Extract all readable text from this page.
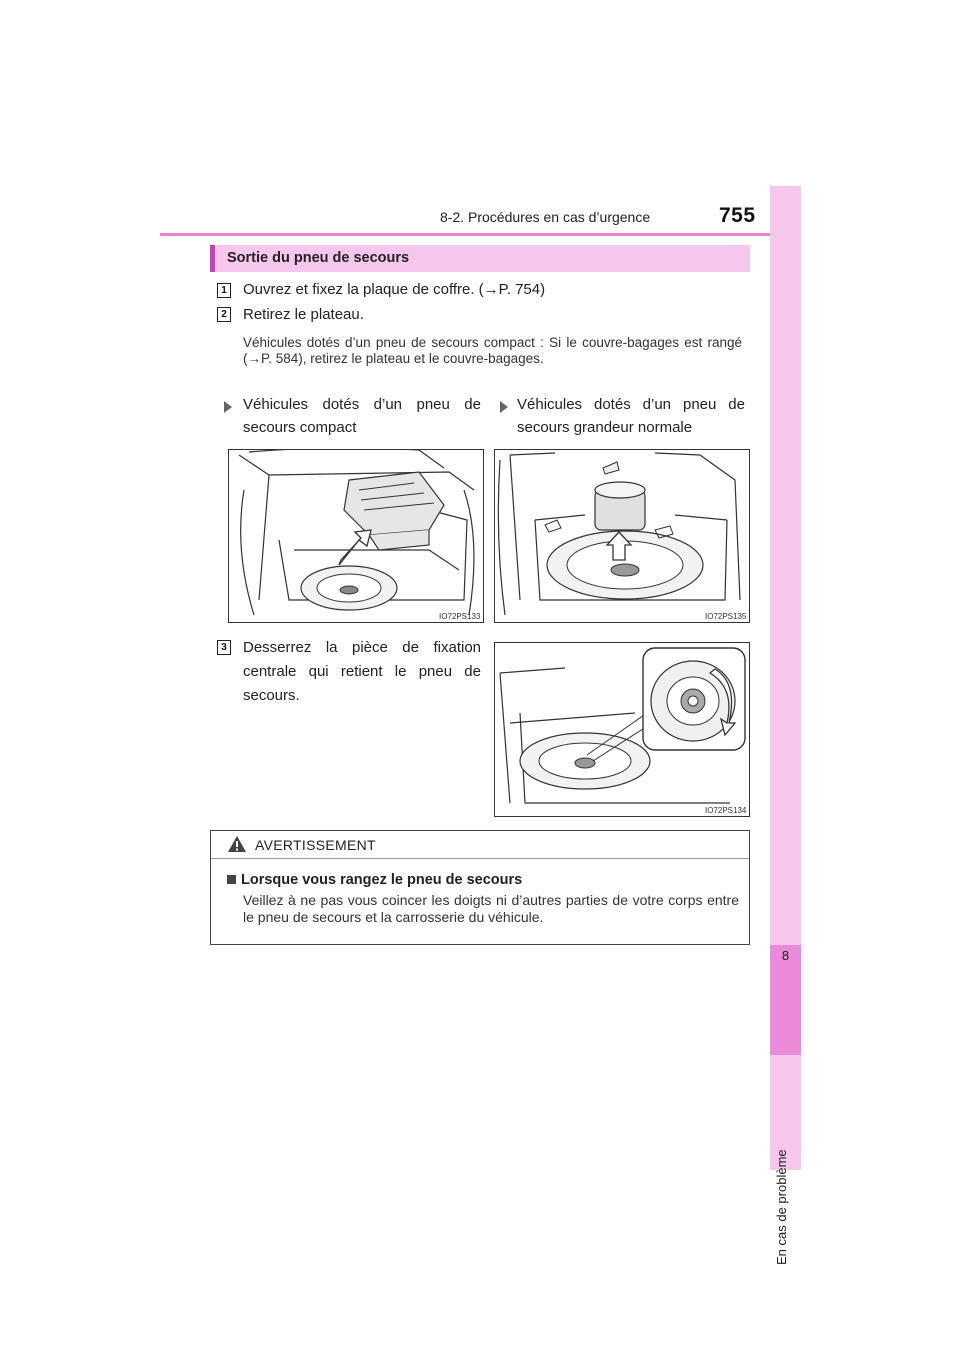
8-2. Procédures en cas d’urgence	755
8
En cas de problème
Sortie du pneu de secours
1 Ouvrez et fixez la plaque de coffre. (→P. 754)
2 Retirez le plateau.
Véhicules dotés d’un pneu de secours compact : Si le couvre-bagages est rangé (→P. 584), retirez le plateau et le couvre-bagages.
Véhicules dotés d’un pneu de secours compact
Véhicules dotés d’un pneu de secours grandeur normale
IO72PS133	IO72PS135
3 Desserrez la pièce de fixation centrale qui retient le pneu de secours.
IO72PS134
AVERTISSEMENT
Lorsque vous rangez le pneu de secours
Veillez à ne pas vous coincer les doigts ni d’autres parties de votre corps entre le pneu de secours et la carrosserie du véhicule.
